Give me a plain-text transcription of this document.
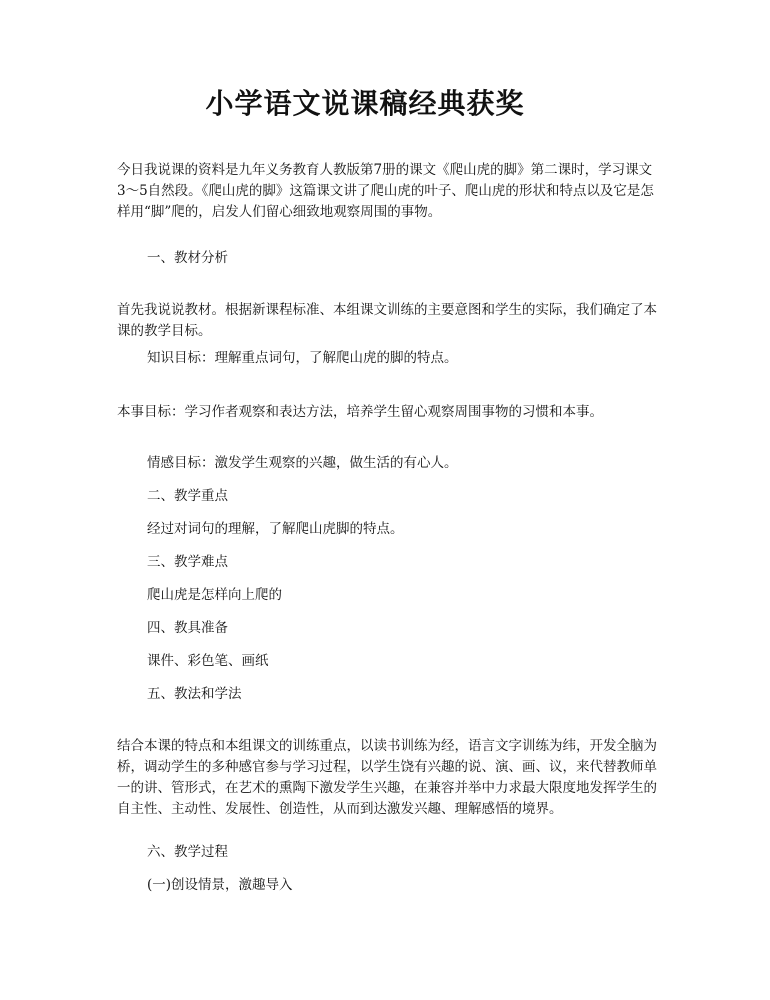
小学语文说课稿经典获奖

今日我说课的资料是九年义务教育人教版第7册的课文《爬山虎的脚》第二课时，学习课文3～5自然段。《爬山虎的脚》这篇课文讲了爬山虎的叶子、爬山虎的形状和特点以及它是怎样用“脚”爬的，启发人们留心细致地观察周围的事物。

一、教材分析

首先我说说教材。根据新课程标准、本组课文训练的主要意图和学生的实际，我们确定了本课的教学目标。

知识目标：理解重点词句，了解爬山虎的脚的特点。

本事目标：学习作者观察和表达方法，培养学生留心观察周围事物的习惯和本事。

情感目标：激发学生观察的兴趣，做生活的有心人。

二、教学重点

经过对词句的理解，了解爬山虎脚的特点。

三、教学难点

爬山虎是怎样向上爬的

四、教具准备

课件、彩色笔、画纸

五、教法和学法

结合本课的特点和本组课文的训练重点，以读书训练为经，语言文字训练为纬，开发全脑为桥，调动学生的多种感官参与学习过程，以学生饶有兴趣的说、演、画、议，来代替教师单一的讲、管形式，在艺术的熏陶下激发学生兴趣，在兼容并举中力求最大限度地发挥学生的自主性、主动性、发展性、创造性，从而到达激发兴趣、理解感悟的境界。

六、教学过程

(一)创设情景，激趣导入
